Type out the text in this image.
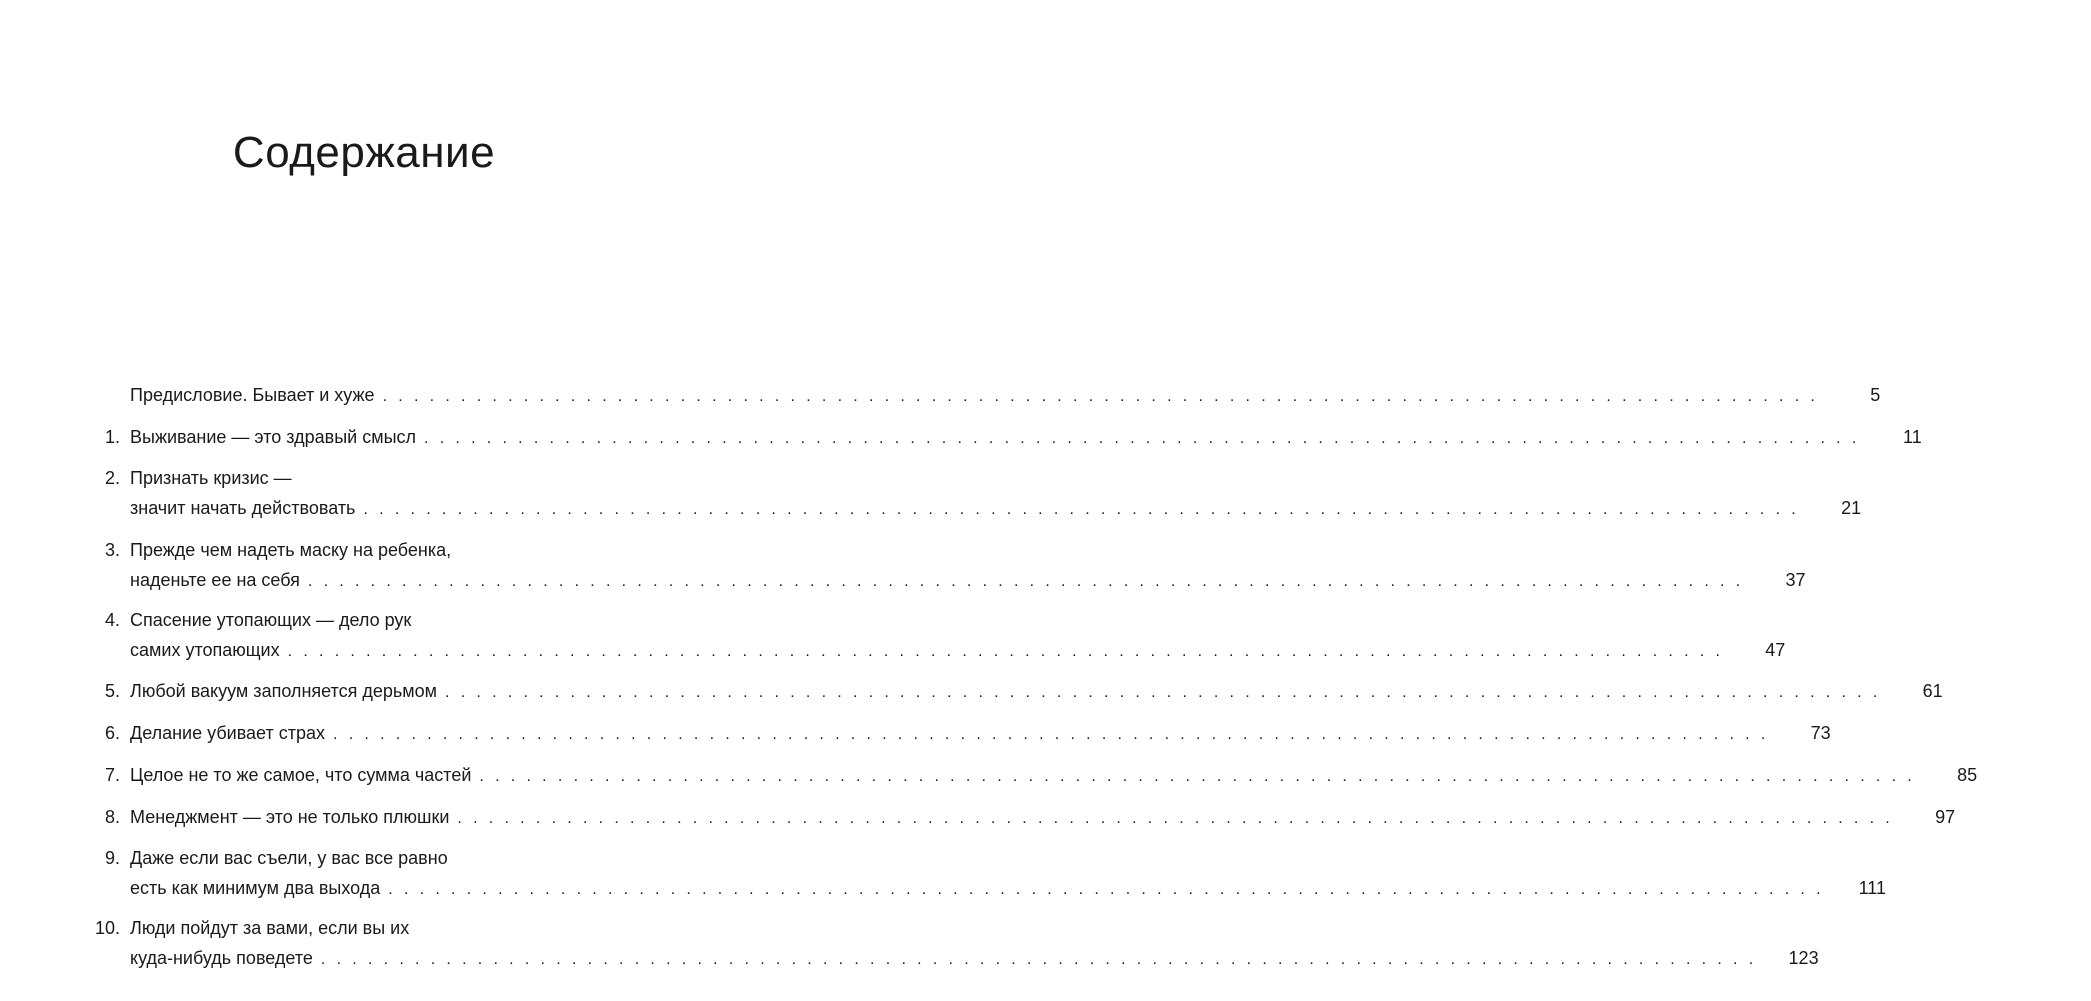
Содержание
Предисловие. Бывает и хуже . . . . . . . . . . . . . . . . . . . . . . . . . . . . . . . . . . . . . . . . . . . . . . . . . . . . . . . . . . . . . . . . . . . . . . . . . . . . . . . . . . . . . . . . . . . .	5
1. Выживание — это здравый смысл . . . . . . . . . . . . . . . . . . . . . . . . . . . . . . . . . . . . . . . . . . . . . . . . . . . . . . . . . . . . . . . . . . . . . . . . . . . . . . . . . . . . . . . . . . . .	11
2. Признать кризис —
значит начать действовать . . . . . . . . . . . . . . . . . . . . . . . . . . . . . . . . . . . . . . . . . . . . . . . . . . . . . . . . . . . . . . . . . . . . . . . . . . . . . . . . . . . . . . . . . . . .	21
3. Прежде чем надеть маску на ребенка,
наденьте ее на себя . . . . . . . . . . . . . . . . . . . . . . . . . . . . . . . . . . . . . . . . . . . . . . . . . . . . . . . . . . . . . . . . . . . . . . . . . . . . . . . . . . . . . . . . . . . .	37
4. Спасение утопающих — дело рук
самих утопающих . . . . . . . . . . . . . . . . . . . . . . . . . . . . . . . . . . . . . . . . . . . . . . . . . . . . . . . . . . . . . . . . . . . . . . . . . . . . . . . . . . . . . . . . . . . .	47
5. Любой вакуум заполняется дерьмом . . . . . . . . . . . . . . . . . . . . . . . . . . . . . . . . . . . . . . . . . . . . . . . . . . . . . . . . . . . . . . . . . . . . . . . . . . . . . . . . . . . . . . . . . . . .	61
6. Делание убивает страх . . . . . . . . . . . . . . . . . . . . . . . . . . . . . . . . . . . . . . . . . . . . . . . . . . . . . . . . . . . . . . . . . . . . . . . . . . . . . . . . . . . . . . . . . . . .	73
7. Целое не то же самое, что сумма частей . . . . . . . . . . . . . . . . . . . . . . . . . . . . . . . . . . . . . . . . . . . . . . . . . . . . . . . . . . . . . . . . . . . . . . . . . . . . . . . . . . . . . . . . . . . .	85
8. Менеджмент — это не только плюшки . . . . . . . . . . . . . . . . . . . . . . . . . . . . . . . . . . . . . . . . . . . . . . . . . . . . . . . . . . . . . . . . . . . . . . . . . . . . . . . . . . . . . . . . . . . .	97
9. Даже если вас съели, у вас все равно
есть как минимум два выхода . . . . . . . . . . . . . . . . . . . . . . . . . . . . . . . . . . . . . . . . . . . . . . . . . . . . . . . . . . . . . . . . . . . . . . . . . . . . . . . . . . . . . . . . . . . .	111
10. Люди пойдут за вами, если вы их
куда-нибудь поведете . . . . . . . . . . . . . . . . . . . . . . . . . . . . . . . . . . . . . . . . . . . . . . . . . . . . . . . . . . . . . . . . . . . . . . . . . . . . . . . . . . . . . . . . . . . .	123
